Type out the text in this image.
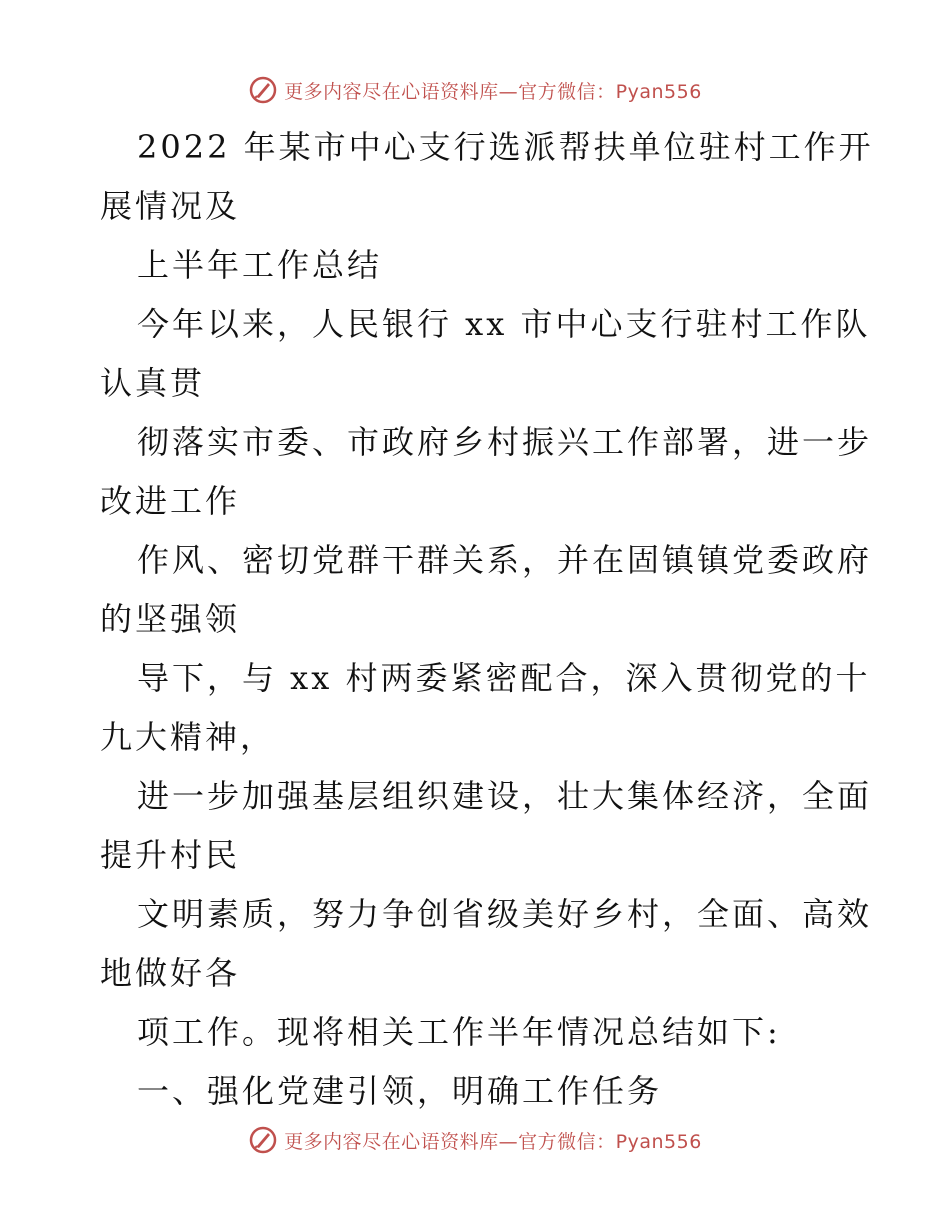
更多内容尽在心语资料库—官方微信：Pyan556
2022 年某市中心支行选派帮扶单位驻村工作开
展情况及
上半年工作总结
今年以来，人民银行 xx 市中心支行驻村工作队
认真贯
彻落实市委、市政府乡村振兴工作部署，进一步
改进工作
作风、密切党群干群关系，并在固镇镇党委政府
的坚强领
导下，与 xx 村两委紧密配合，深入贯彻党的十
九大精神，
进一步加强基层组织建设，壮大集体经济，全面
提升村民
文明素质，努力争创省级美好乡村，全面、高效
地做好各
项工作。现将相关工作半年情况总结如下:
一、强化党建引领，明确工作任务
更多内容尽在心语资料库—官方微信：Pyan556
